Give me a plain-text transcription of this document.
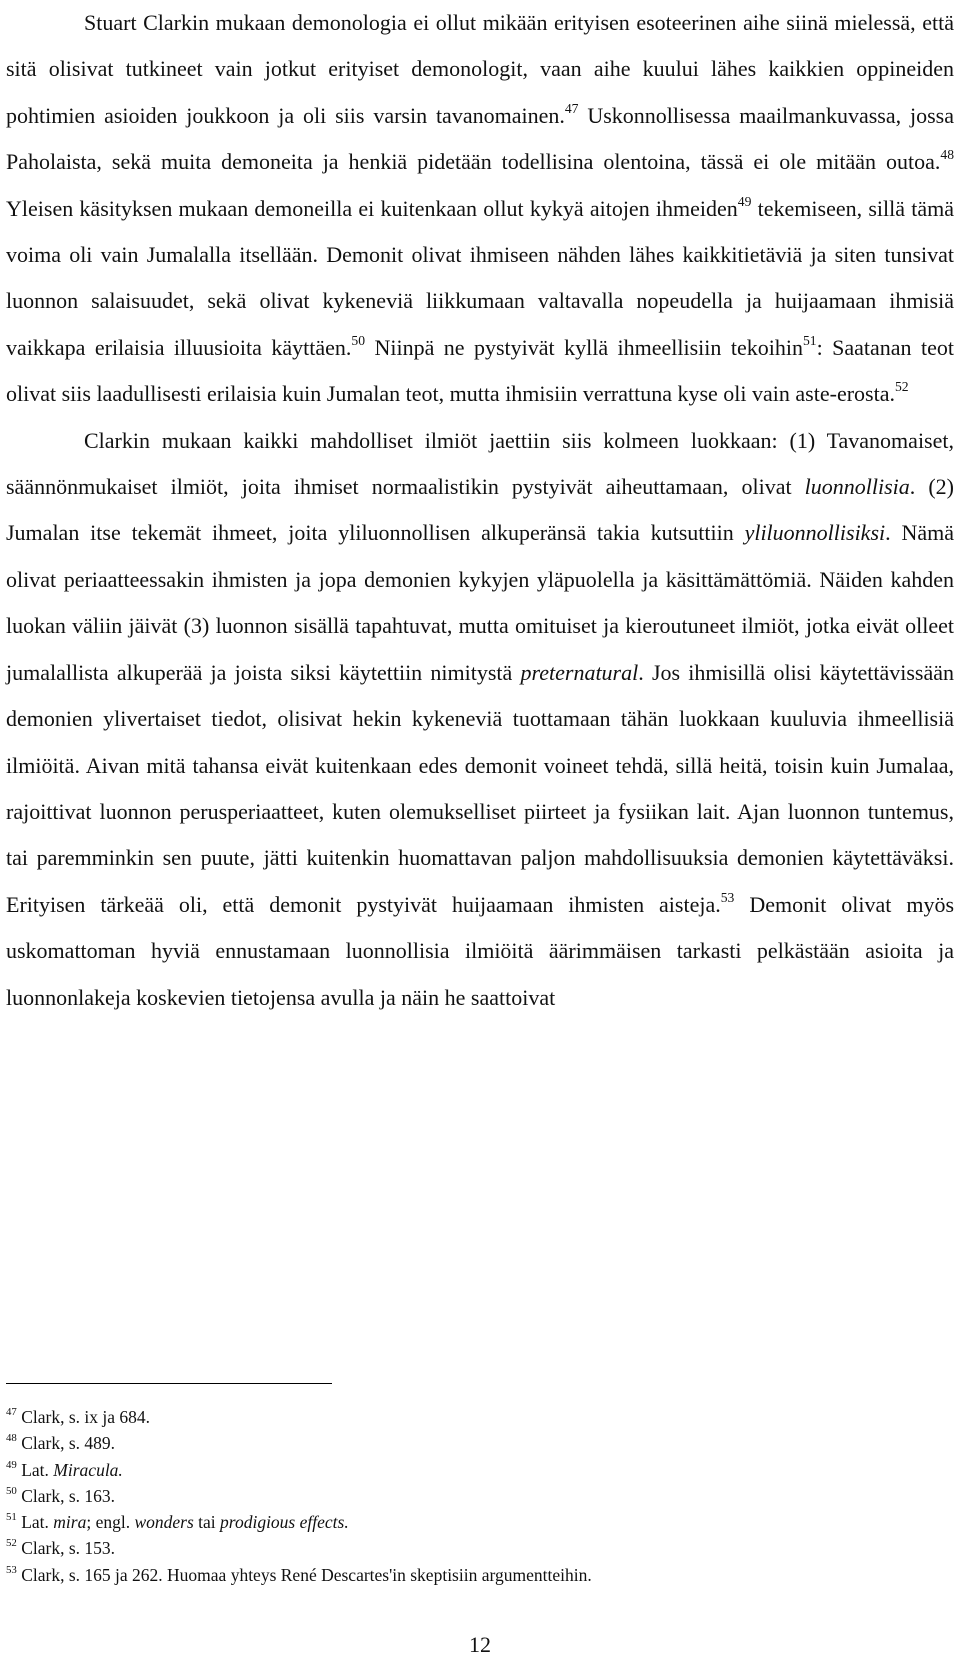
Stuart Clarkin mukaan demonologia ei ollut mikään erityisen esoteerinen aihe siinä mielessä, että sitä olisivat tutkineet vain jotkut erityiset demonologit, vaan aihe kuului lähes kaikkien oppineiden pohtimien asioiden joukkoon ja oli siis varsin tavanomainen.$^{47}$ Uskonnollisessa maailmankuvassa, jossa Paholaista, sekä muita demoneita ja henkiä pidetään todellisina olentoina, tässä ei ole mitään outoa.$^{48}$ Yleisen käsityksen mukaan demoneilla ei kuitenkaan ollut kykyä aitojen ihmeiden$^{49}$ tekemiseen, sillä tämä voima oli vain Jumalalla itsellään. Demonit olivat ihmiseen nähden lähes kaikkitietäviä ja siten tunsivat luonnon salaisuudet, sekä olivat kykeneviä liikkumaan valtavalla nopeudella ja huijaamaan ihmisiä vaikkapa erilaisia illuusioita käyttäen.$^{50}$ Niinpä ne pystyivät kyllä ihmeellisiin tekoihin$^{51}$: Saatanan teot olivat siis laadullisesti erilaisia kuin Jumalan teot, mutta ihmisiin verrattuna kyse oli vain aste-erosta.$^{52}$

Clarkin mukaan kaikki mahdolliset ilmiöt jaettiin siis kolmeen luokkaan: (1) Tavanomaiset, säännönmukaiset ilmiöt, joita ihmiset normaalistikin pystyivät aiheuttamaan, olivat luonnollisia. (2) Jumalan itse tekemät ihmeet, joita yliluonnollisen alkuperänsä takia kutsuttiin yliluonnollisiksi. Nämä olivat periaatteessakin ihmisten ja jopa demonien kykyjen yläpuolella ja käsittämättömiä. Näiden kahden luokan väliin jäivät (3) luonnon sisällä tapahtuvat, mutta omituiset ja kieroutuneet ilmiöt, jotka eivät olleet jumalallista alkuperää ja joista siksi käytettiin nimitystä preternatural. Jos ihmisillä olisi käytettävissään demonien ylivertaiset tiedot, olisivat hekin kykeneviä tuottamaan tähän luokkaan kuuluvia ihmeellisiä ilmiöitä. Aivan mitä tahansa eivät kuitenkaan edes demonit voineet tehdä, sillä heitä, toisin kuin Jumalaa, rajoittivat luonnon perusperiaatteet, kuten olemukselliset piirteet ja fysiikan lait. Ajan luonnon tuntemus, tai paremminkin sen puute, jätti kuitenkin huomattavan paljon mahdollisuuksia demonien käytettäväksi. Erityisen tärkeää oli, että demonit pystyivät huijaamaan ihmisten aisteja.$^{53}$ Demonit olivat myös uskomattoman hyviä ennustamaan luonnollisia ilmiöitä äärimmäisen tarkasti pelkästään asioita ja luonnonlakeja koskevien tietojensa avulla ja näin he saattoivat

$^{47}$ Clark, s. ix ja 684.
$^{48}$ Clark, s. 489.
$^{49}$ Lat. Miracula.
$^{50}$ Clark, s. 163.
$^{51}$ Lat. mira; engl. wonders tai prodigious effects.
$^{52}$ Clark, s. 153.
$^{53}$ Clark, s. 165 ja 262. Huomaa yhteys René Descartes'in skeptisiin argumentteihin.
12
